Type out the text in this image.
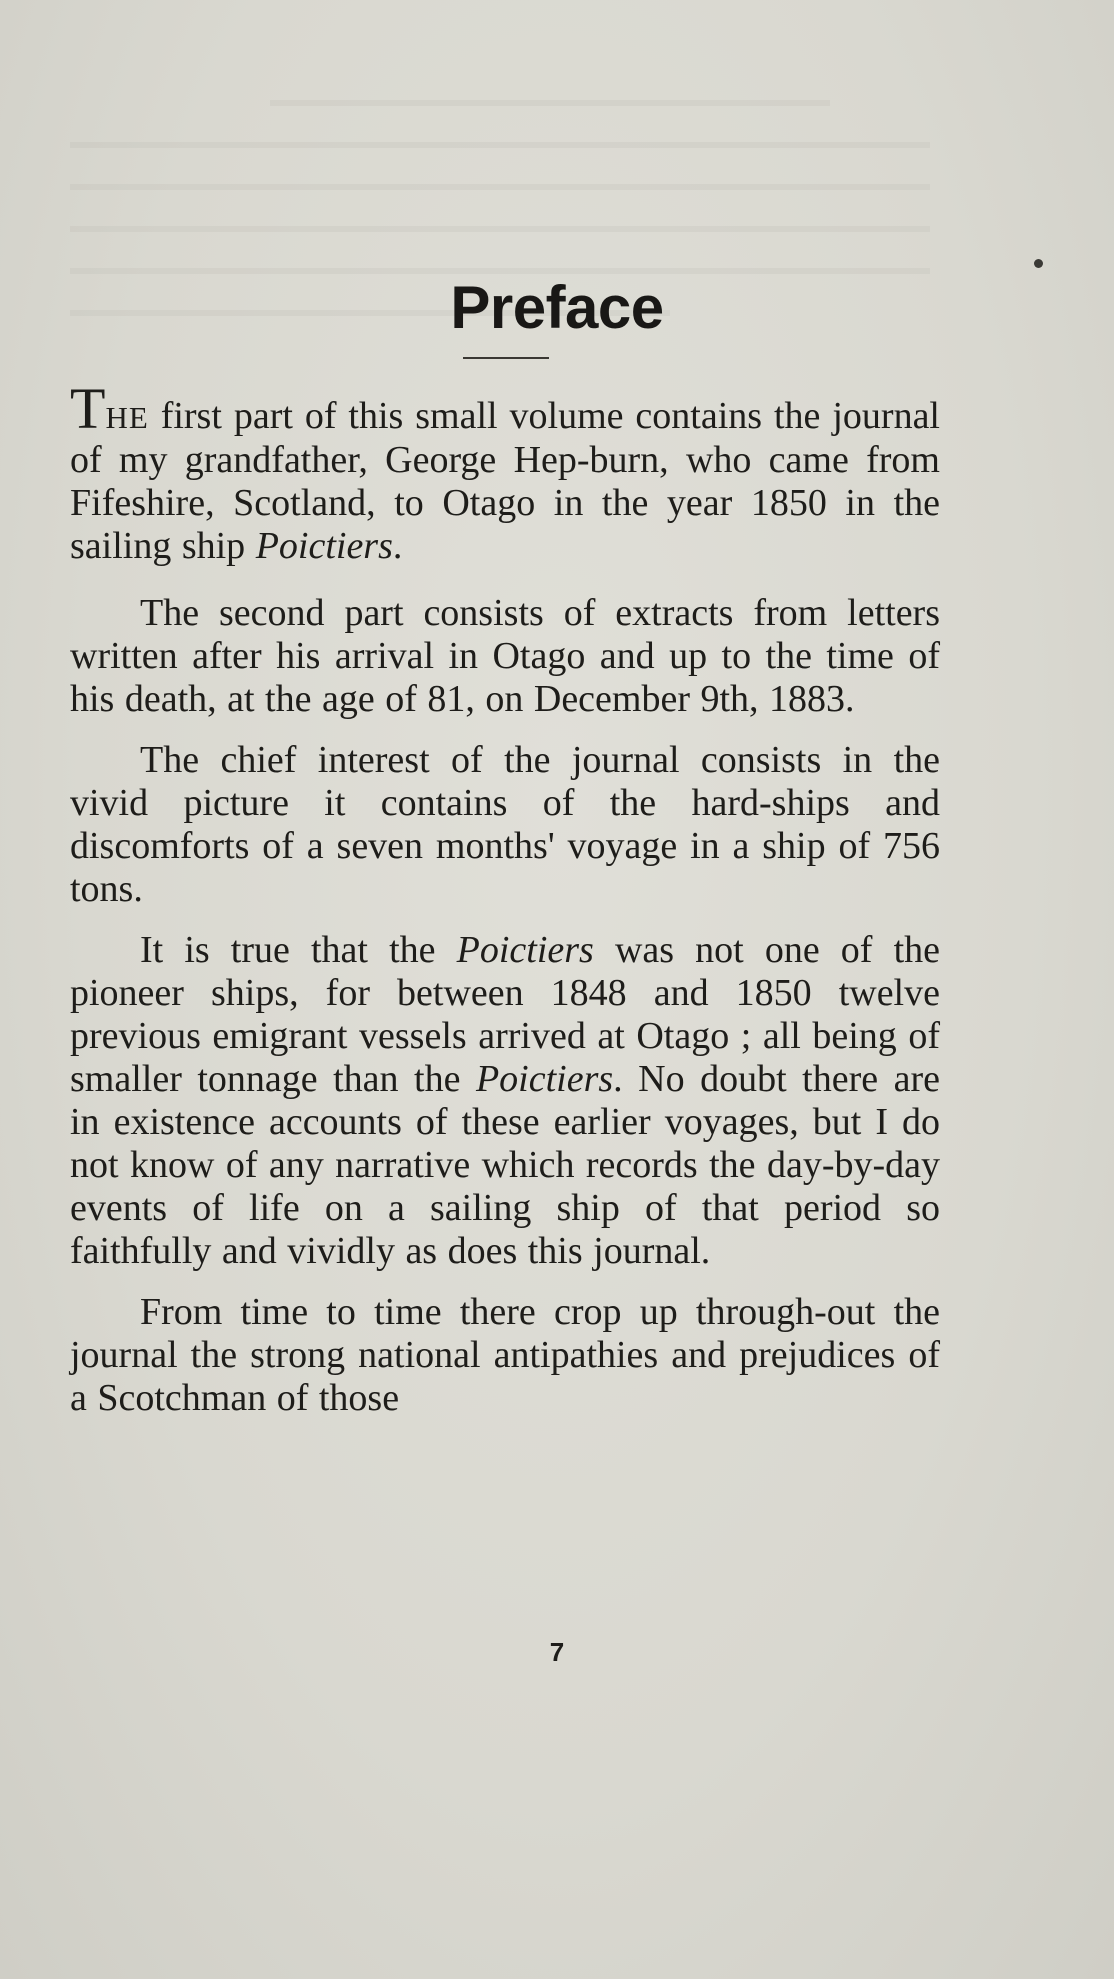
Preface

THE first part of this small volume contains the journal of my grandfather, George Hep-burn, who came from Fifeshire, Scotland, to Otago in the year 1850 in the sailing ship Poictiers.

The second part consists of extracts from letters written after his arrival in Otago and up to the time of his death, at the age of 81, on December 9th, 1883.

The chief interest of the journal consists in the vivid picture it contains of the hard-ships and discomforts of a seven months' voyage in a ship of 756 tons.

It is true that the Poictiers was not one of the pioneer ships, for between 1848 and 1850 twelve previous emigrant vessels arrived at Otago ; all being of smaller tonnage than the Poictiers. No doubt there are in existence accounts of these earlier voyages, but I do not know of any narrative which records the day-by-day events of life on a sailing ship of that period so faithfully and vividly as does this journal.

From time to time there crop up through-out the journal the strong national antipathies and prejudices of a Scotchman of those

7
